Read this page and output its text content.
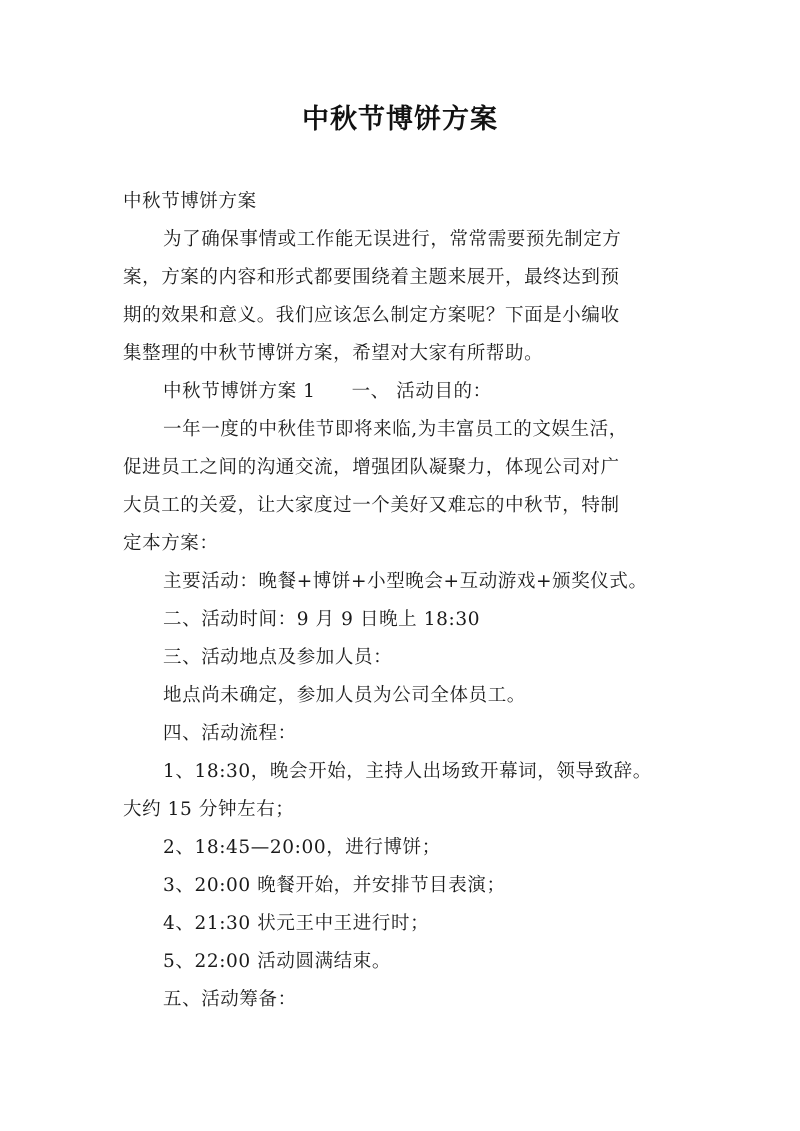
中秋节博饼方案
中秋节博饼方案
为了确保事情或工作能无误进行，常常需要预先制定方
案，方案的内容和形式都要围绕着主题来展开，最终达到预
期的效果和意义。我们应该怎么制定方案呢？下面是小编收
集整理的中秋节博饼方案，希望对大家有所帮助。
中秋节博饼方案 1 一、 活动目的：
一年一度的中秋佳节即将来临,为丰富员工的文娱生活，
促进员工之间的沟通交流，增强团队凝聚力，体现公司对广
大员工的关爱，让大家度过一个美好又难忘的中秋节，特制
定本方案：
主要活动：晚餐+博饼+小型晚会+互动游戏+颁奖仪式。
二、活动时间：9 月 9 日晚上 18:30
三、活动地点及参加人员：
地点尚未确定，参加人员为公司全体员工。
四、活动流程：
1、18:30，晚会开始，主持人出场致开幕词，领导致辞。
大约 15 分钟左右；
2、18:45—20:00，进行博饼；
3、20:00 晚餐开始，并安排节目表演；
4、21:30 状元王中王进行时；
5、22:00 活动圆满结束。
五、活动筹备：
